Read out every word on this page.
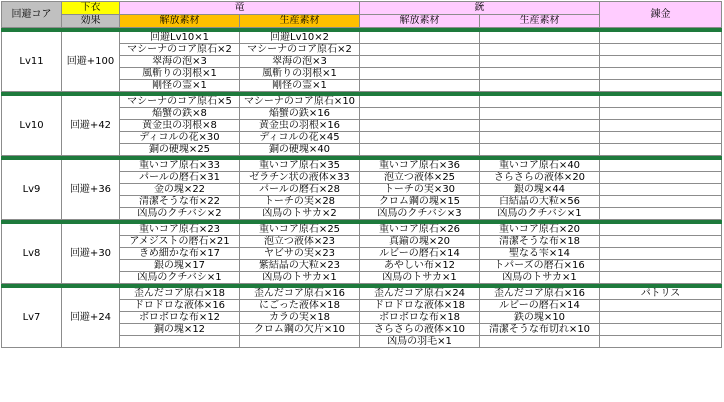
回避コア	下衣	竜		銃		錬金
	効果	解放素材	生産素材	解放素材	生産素材	

Lv11	回避+100	回避Lv10×1	回避Lv10×2			
		マシーナのコア原石×2	マシーナのコア原石×2			
		翠海の泡×3	翠海の泡×3			
		風斬りの羽根×1	風斬りの羽根×1			
		剛怪の霊×1	剛怪の霊×1			

Lv10	回避+42	マシーナのコア原石×5	マシーナのコア原石×10			
		焔蟹の鉄×8	焔蟹の鉄×16			
		黄金虫の羽根×8	黄金虫の羽根×16			
		ディコルの花×30	ディコルの花×45			
		銅の硬塊×25	銅の硬塊×40			

Lv9	回避+36	重いコア原石×33	重いコア原石×35	重いコア原石×36	重いコア原石×40	
		パールの磨石×31	ゼラチン状の液体×33	泡立つ液体×25	さらさらの液体×20	
		金の塊×22	パールの磨石×28	トーチの実×30	銀の塊×44	
		清潔そうな布×22	トーチの実×28	クロム鋼の塊×15	白結晶の大粒×56	
		凶鳥のクチバシ×2	凶鳥のトサカ×2	凶鳥のクチバシ×3	凶鳥のクチバシ×1	

Lv8	回避+30	重いコア原石×23	重いコア原石×25	重いコア原石×26	重いコア原石×20	
		アメジストの磨石×21	泡立つ液体×23	真鍮の塊×20	清潔そうな布×18	
		きめ細かな布×17	ヤビサの実×23	ルビーの磨石×14	聖なる雫×14	
		銀の塊×17	紫結晶の大粒×23	あやしい布×12	トパーズの磨石×16	
		凶鳥のクチバシ×1	凶鳥のトサカ×1	凶鳥のトサカ×1	凶鳥のトサカ×1	

Lv7	回避+24	歪んだコア原石×18	歪んだコア原石×16	歪んだコア原石×24	歪んだコア原石×16	パトリス
		ドロドロな液体×16	にごった液体×18	ドロドロな液体×18	ルビーの磨石×14	
		ボロボロな布×12	カラの実×18	ボロボロな布×18	鉄の塊×10	
		銅の塊×12	クロム鋼の欠片×10	さらさらの液体×10	清潔そうな布切れ×10	
				凶鳥の羽毛×1		
